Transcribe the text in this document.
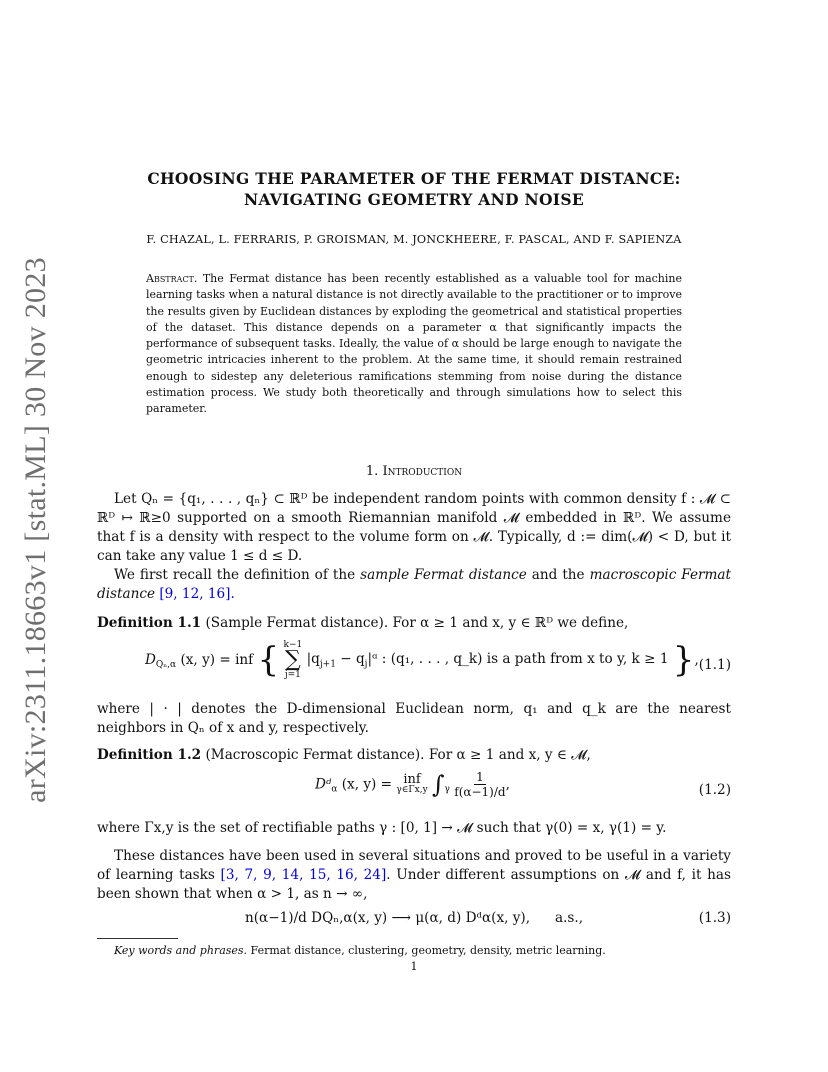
arXiv:2311.18663v1 [stat.ML] 30 Nov 2023
CHOOSING THE PARAMETER OF THE FERMAT DISTANCE:
NAVIGATING GEOMETRY AND NOISE
F. CHAZAL, L. FERRARIS, P. GROISMAN, M. JONCKHEERE, F. PASCAL, AND F. SAPIENZA
Abstract. The Fermat distance has been recently established as a valuable tool for machine learning tasks when a natural distance is not directly available to the practitioner or to improve the results given by Euclidean distances by exploding the geometrical and statistical properties of the dataset. This distance depends on a parameter α that significantly impacts the performance of subsequent tasks. Ideally, the value of α should be large enough to navigate the geometric intricacies inherent to the problem. At the same time, it should remain restrained enough to sidestep any deleterious ramifications stemming from noise during the distance estimation process. We study both theoretically and through simulations how to select this parameter.
1. Introduction

Let Qₙ = {q₁, . . . , qₙ} ⊂ ℝᴰ be independent random points with common density f : 𝓜 ⊂ ℝᴰ ↦ ℝ≥0 supported on a smooth Riemannian manifold 𝓜 embedded in ℝᴰ. We assume that f is a density with respect to the volume form on 𝓜. Typically, d := dim(𝓜) < D, but it can take any value 1 ≤ d ≤ D.

We first recall the definition of the sample Fermat distance and the macroscopic Fermat distance [9, 12, 16].

Definition 1.1 (Sample Fermat distance). For α ≥ 1 and x, y ∈ ℝᴰ we define,
$D_{Q_n,\alpha}$ (x, y) = inf { k−1
∑
j=1
$|q_{j+1}$ − $q_j|ᵅ$ : (q₁, . . . , q_k) is a path from x to y, k ≥ 1 }, (1.1)
where | · | denotes the D-dimensional Euclidean norm, q₁ and q_k are the nearest neighbors in Qₙ of x and y, respectively.
Definition 1.2 (Macroscopic Fermat distance). For α ≥ 1 and x, y ∈ 𝓜,
Dᵈ$_\alpha$ (x, y) = inf
γ∈Γx,y $\int_\gamma \frac{1}{f(\alpha-1)/d}$ ,	(1.2)
where Γx,y is the set of rectifiable paths γ : [0, 1] → 𝓜 such that γ(0) = x, γ(1) = y.

These distances have been used in several situations and proved to be useful in a variety of learning tasks [3, 7, 9, 14, 15, 16, 24]. Under different assumptions on 𝓜 and f, it has been shown that when α > 1, as n → ∞,

n(α−1)/d DQₙ,α(x, y) ⟶ μ(α, d) Dᵈα(x, y), a.s.,	(1.3)
Key words and phrases. Fermat distance, clustering, geometry, density, metric learning.
1
